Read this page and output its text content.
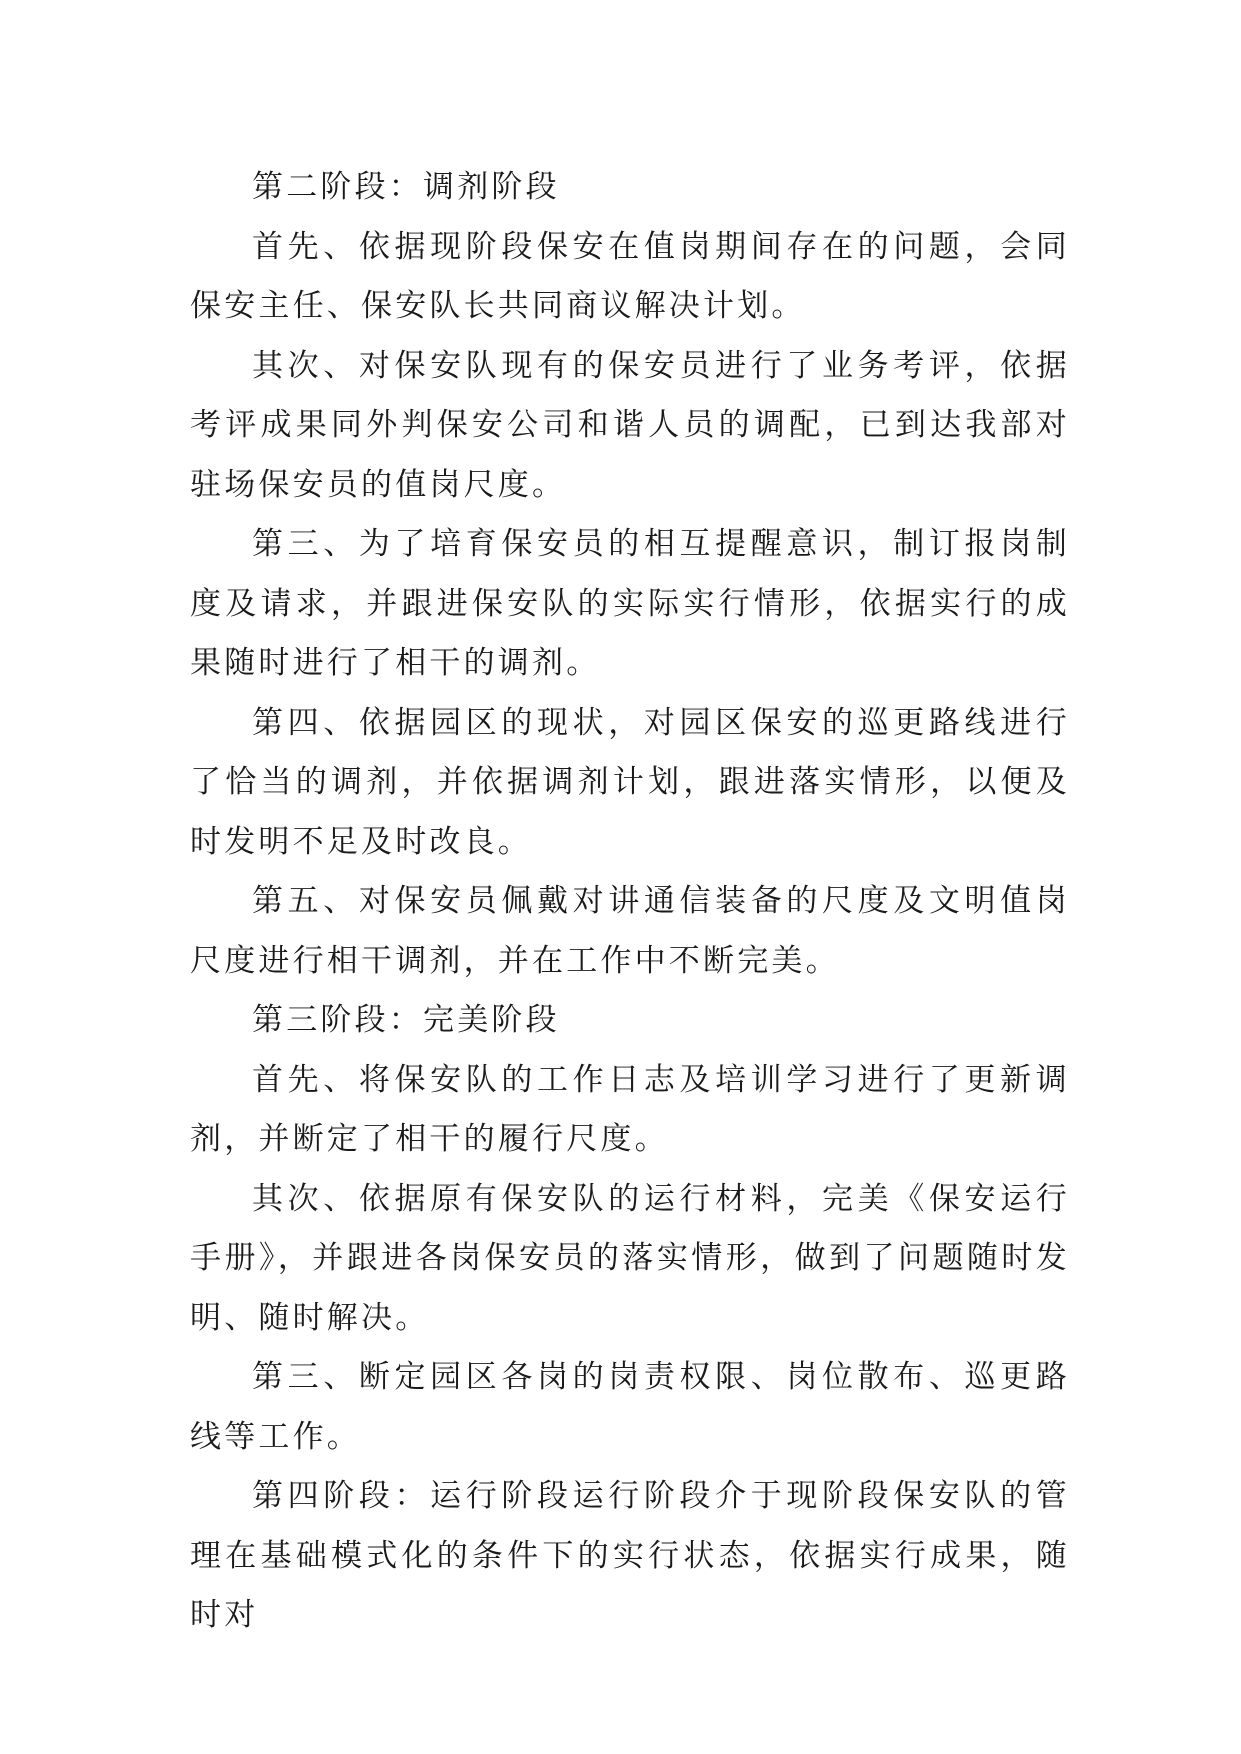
第二阶段：调剂阶段

首先、依据现阶段保安在值岗期间存在的问题，会同保安主任、保安队长共同商议解决计划。

其次、对保安队现有的保安员进行了业务考评，依据考评成果同外判保安公司和谐人员的调配，已到达我部对驻场保安员的值岗尺度。

第三、为了培育保安员的相互提醒意识，制订报岗制度及请求，并跟进保安队的实际实行情形，依据实行的成果随时进行了相干的调剂。

第四、依据园区的现状，对园区保安的巡更路线进行了恰当的调剂，并依据调剂计划，跟进落实情形，以便及时发明不足及时改良。

第五、对保安员佩戴对讲通信装备的尺度及文明值岗尺度进行相干调剂，并在工作中不断完美。

第三阶段：完美阶段

首先、将保安队的工作日志及培训学习进行了更新调剂，并断定了相干的履行尺度。

其次、依据原有保安队的运行材料，完美《保安运行手册》，并跟进各岗保安员的落实情形，做到了问题随时发明、随时解决。

第三、断定园区各岗的岗责权限、岗位散布、巡更路线等工作。

第四阶段：运行阶段运行阶段介于现阶段保安队的管理在基础模式化的条件下的实行状态，依据实行成果，随时对
